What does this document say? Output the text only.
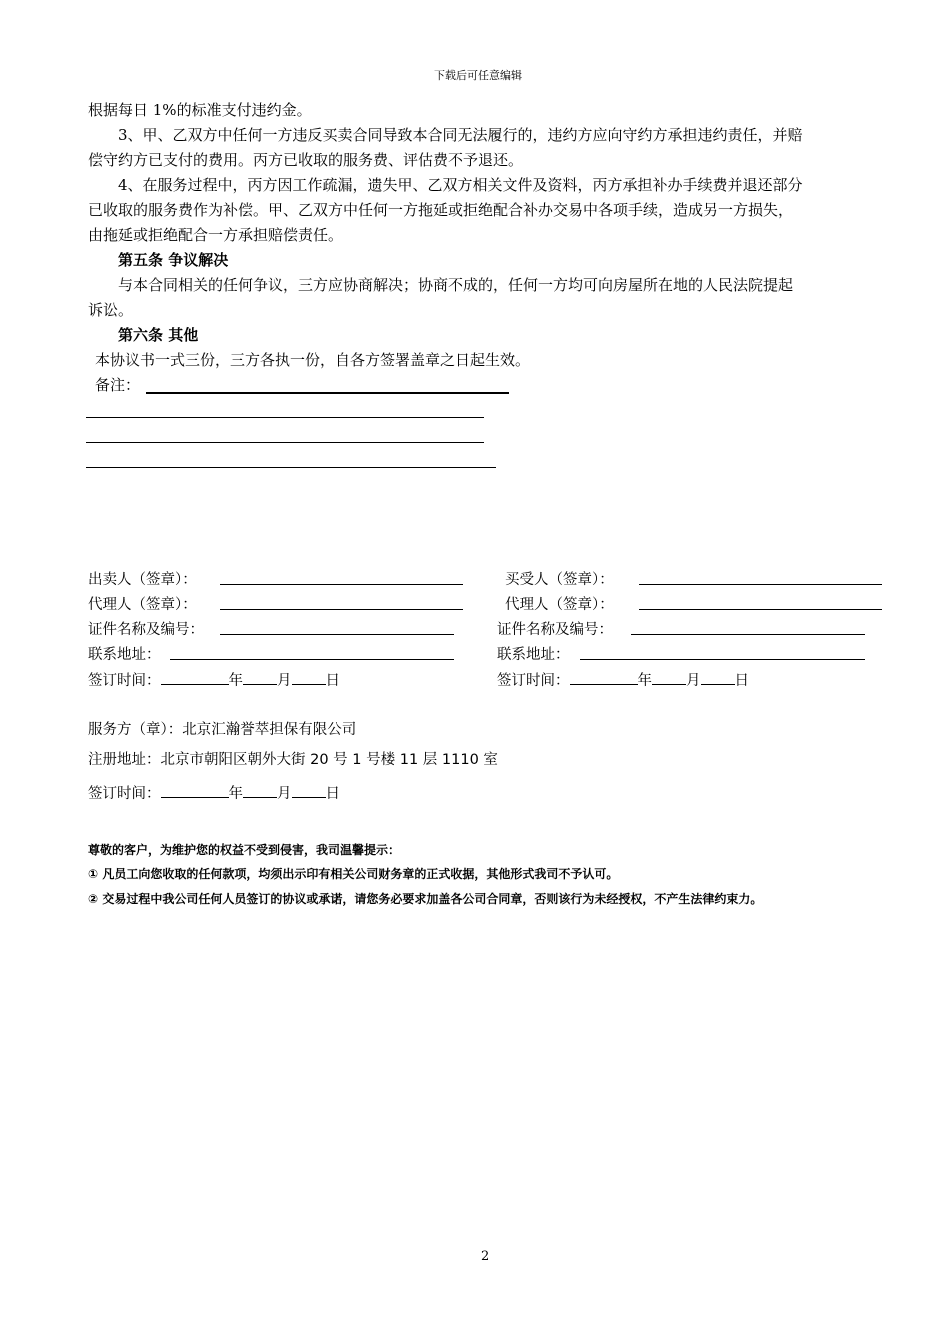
下载后可任意编辑
根据每日 1%的标准支付违约金。
3、甲、乙双方中任何一方违反买卖合同导致本合同无法履行的，违约方应向守约方承担违约责任，并赔
偿守约方已支付的费用。丙方已收取的服务费、评估费不予退还。
4、在服务过程中，丙方因工作疏漏，遗失甲、乙双方相关文件及资料，丙方承担补办手续费并退还部分
已收取的服务费作为补偿。甲、乙双方中任何一方拖延或拒绝配合补办交易中各项手续，造成另一方损失，
由拖延或拒绝配合一方承担赔偿责任。
第五条 争议解决
与本合同相关的任何争议，三方应协商解决；协商不成的，任何一方均可向房屋所在地的人民法院提起
诉讼。
第六条 其他
本协议书一式三份，三方各执一份，自各方签署盖章之日起生效。
备注：
出卖人（签章）：	买受人（签章）：
代理人（签章）：	代理人（签章）：
证件名称及编号：	证件名称及编号：
联系地址：	联系地址：
签订时间：	年 月 日	签订时间：	年 月 日
服务方（章）：北京汇瀚誉萃担保有限公司
注册地址：北京市朝阳区朝外大街 20 号 1 号楼 11 层 1110 室
签订时间：	年 月 日
尊敬的客户，为维护您的权益不受到侵害，我司温馨提示：
① 凡员工向您收取的任何款项，均须出示印有相关公司财务章的正式收据，其他形式我司不予认可。
② 交易过程中我公司任何人员签订的协议或承诺，请您务必要求加盖各公司合同章，否则该行为未经授权，不产生法律约束力。
2
